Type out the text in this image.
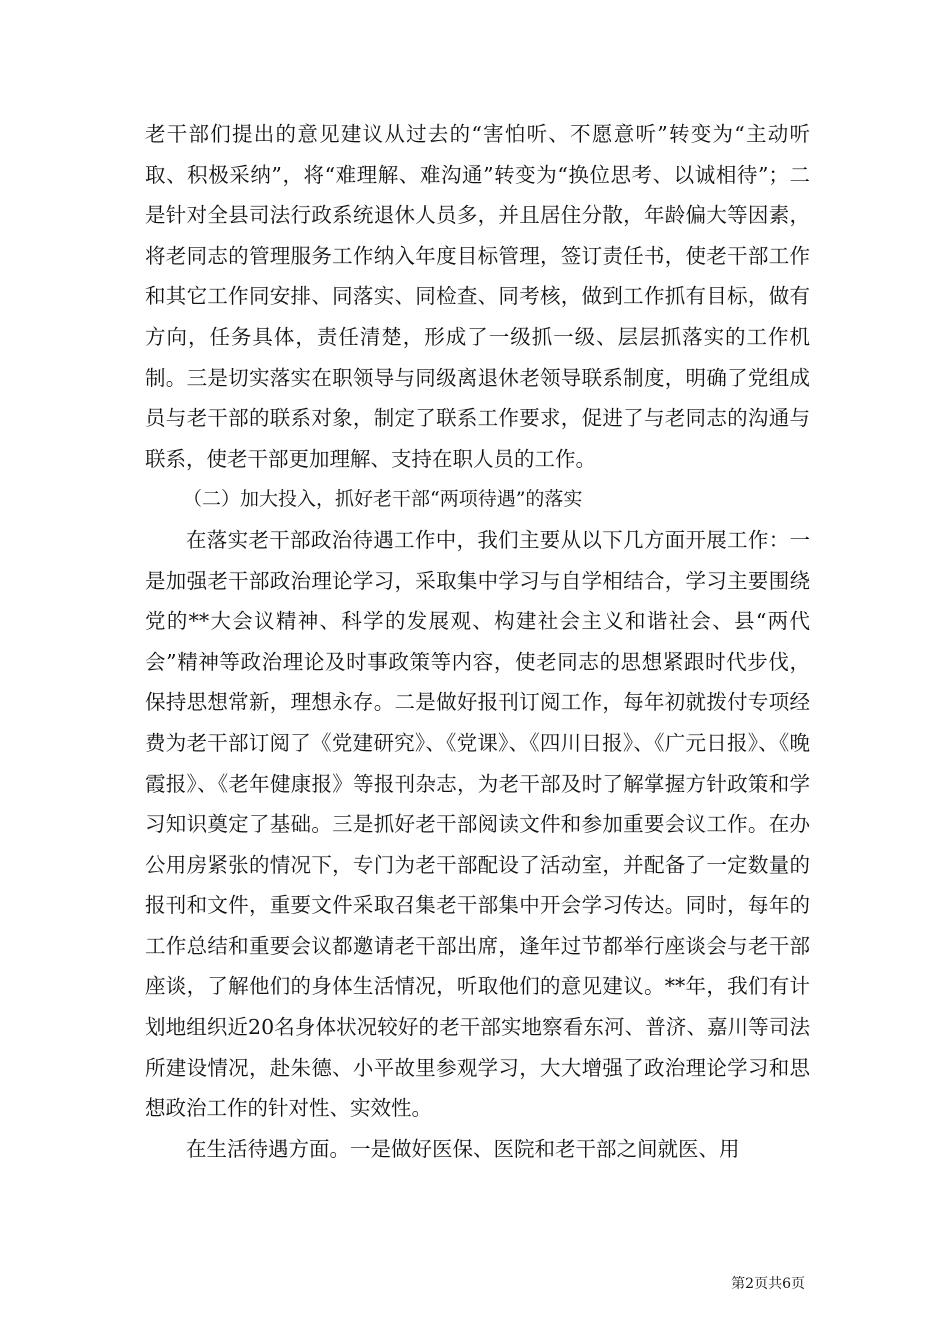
老干部们提出的意见建议从过去的“害怕听、不愿意听”转变为“主动听取、积极采纳”，将“难理解、难沟通”转变为“换位思考、以诚相待”；二是针对全县司法行政系统退休人员多，并且居住分散，年龄偏大等因素，将老同志的管理服务工作纳入年度目标管理，签订责任书，使老干部工作和其它工作同安排、同落实、同检查、同考核，做到工作抓有目标，做有方向，任务具体，责任清楚，形成了一级抓一级、层层抓落实的工作机制。三是切实落实在职领导与同级离退休老领导联系制度，明确了党组成员与老干部的联系对象，制定了联系工作要求，促进了与老同志的沟通与联系，使老干部更加理解、支持在职人员的工作。

（二）加大投入，抓好老干部“两项待遇”的落实

在落实老干部政治待遇工作中，我们主要从以下几方面开展工作：一是加强老干部政治理论学习，采取集中学习与自学相结合，学习主要围绕党的**大会议精神、科学的发展观、构建社会主义和谐社会、县“两代会”精神等政治理论及时事政策等内容，使老同志的思想紧跟时代步伐，保持思想常新，理想永存。二是做好报刊订阅工作，每年初就拨付专项经费为老干部订阅了《党建研究》、《党课》、《四川日报》、《广元日报》、《晚霞报》、《老年健康报》等报刊杂志，为老干部及时了解掌握方针政策和学习知识奠定了基础。三是抓好老干部阅读文件和参加重要会议工作。在办公用房紧张的情况下，专门为老干部配设了活动室，并配备了一定数量的报刊和文件，重要文件采取召集老干部集中开会学习传达。同时，每年的工作总结和重要会议都邀请老干部出席，逢年过节都举行座谈会与老干部座谈，了解他们的身体生活情况，听取他们的意见建议。**年，我们有计划地组织近20名身体状况较好的老干部实地察看东河、普济、嘉川等司法所建设情况，赴朱德、小平故里参观学习，大大增强了政治理论学习和思想政治工作的针对性、实效性。

在生活待遇方面。一是做好医保、医院和老干部之间就医、用

第2页共6页
